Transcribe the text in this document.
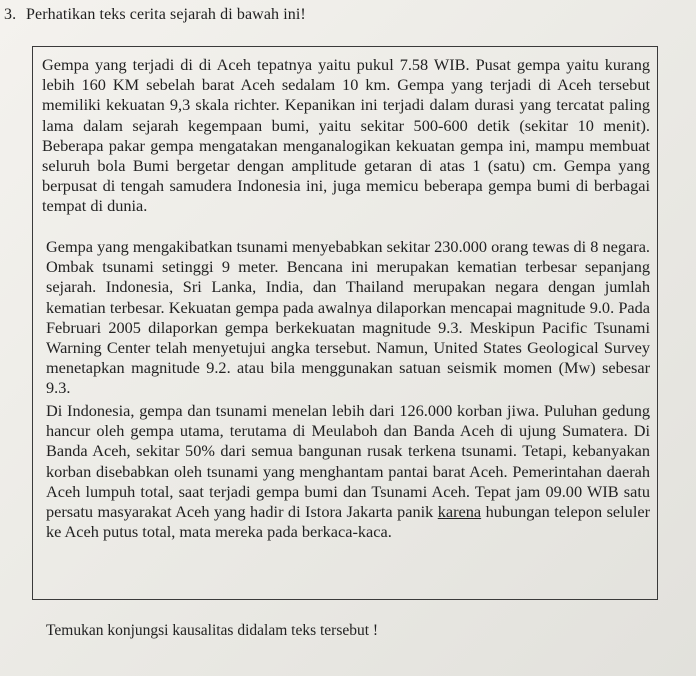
3. Perhatikan teks cerita sejarah di bawah ini!

Gempa yang terjadi di di Aceh tepatnya yaitu pukul 7.58 WIB. Pusat gempa yaitu kurang lebih 160 KM sebelah barat Aceh sedalam 10 km. Gempa yang terjadi di Aceh tersebut memiliki kekuatan 9,3 skala richter. Kepanikan ini terjadi dalam durasi yang tercatat paling lama dalam sejarah kegempaan bumi, yaitu sekitar 500-600 detik (sekitar 10 menit). Beberapa pakar gempa mengatakan menganalogikan kekuatan gempa ini, mampu membuat seluruh bola Bumi bergetar dengan amplitude getaran di atas 1 (satu) cm. Gempa yang berpusat di tengah samudera Indonesia ini, juga memicu beberapa gempa bumi di berbagai tempat di dunia.

Gempa yang mengakibatkan tsunami menyebabkan sekitar 230.000 orang tewas di 8 negara. Ombak tsunami setinggi 9 meter. Bencana ini merupakan kematian terbesar sepanjang sejarah. Indonesia, Sri Lanka, India, dan Thailand merupakan negara dengan jumlah kematian terbesar. Kekuatan gempa pada awalnya dilaporkan mencapai magnitude 9.0. Pada Februari 2005 dilaporkan gempa berkekuatan magnitude 9.3. Meskipun Pacific Tsunami Warning Center telah menyetujui angka tersebut. Namun, United States Geological Survey menetapkan magnitude 9.2. atau bila menggunakan satuan seismik momen (Mw) sebesar 9.3.

Di Indonesia, gempa dan tsunami menelan lebih dari 126.000 korban jiwa. Puluhan gedung hancur oleh gempa utama, terutama di Meulaboh dan Banda Aceh di ujung Sumatera. Di Banda Aceh, sekitar 50% dari semua bangunan rusak terkena tsunami. Tetapi, kebanyakan korban disebabkan oleh tsunami yang menghantam pantai barat Aceh. Pemerintahan daerah Aceh lumpuh total, saat terjadi gempa bumi dan Tsunami Aceh. Tepat jam 09.00 WIB satu persatu masyarakat Aceh yang hadir di Istora Jakarta panik karena hubungan telepon seluler ke Aceh putus total, mata mereka pada berkaca-kaca.

Temukan konjungsi kausalitas didalam teks tersebut !
